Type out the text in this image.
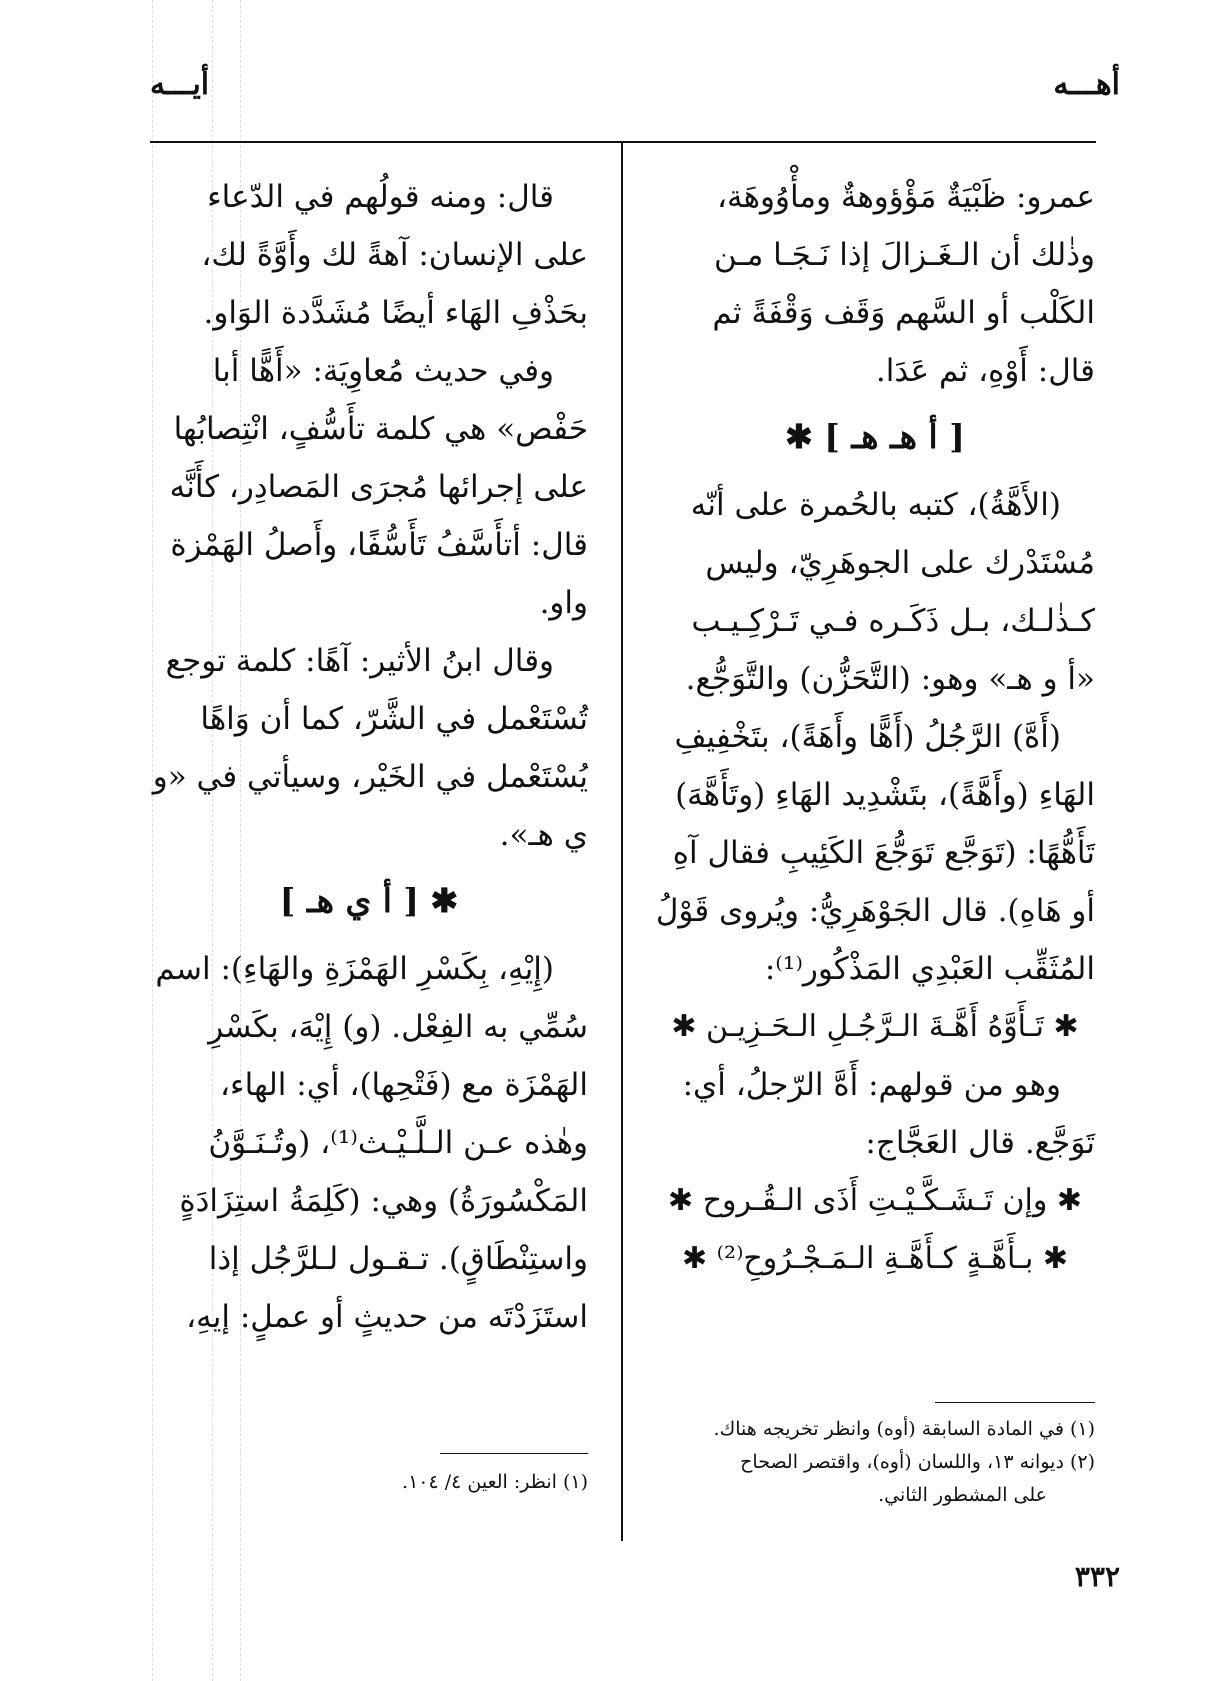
أهـــه
أيـــه

عمرو: ظَبْيَةٌ مَؤْؤوهةٌ ومأْوُوهَة، وذٰلك أن الـغَـزالَ إذا نَـجَـا مـن الكَلْب أو السَّهم وَقَف وَقْفَةً ثم قال: أَوْهِ، ثم عَدَا.

[ أ هـ هـ ] ✱

(الأَهَّةُ)، كتبه بالحُمرة على أنّه مُسْتَدْرك على الجوهَرِيّ، وليس كـذٰلـك، بـل ذَكَـره فـي تَـرْكِـيـب «أ و هـ» وهو: (التَّحَزُّن) والتَّوَجُّع.

(أَهَّ) الرَّجُلُ (أَهًّا وأَهَةً)، بتَخْفِيفِ الهَاءِ (وأَهَّةً)، بتَشْدِيد الهَاءِ (وتَأَهَّهَ) تَأَهُّهًا: (تَوَجَّع تَوَجُّعَ الكَئِيبِ فقال آهِ أو هَاهِ). قال الجَوْهَرِيُّ: ويُروى قَوْلُ المُثَقِّب العَبْدِي المَذْكُور⁽¹⁾:

✱ تَـأَوَّهُ أَهَّـةَ الـرَّجُـلِ الـحَـزِيـن ✱

وهو من قولهم: أَهَّ الرّجلُ، أي: تَوَجَّع. قال العَجَّاج:

✱ وإن تَـشَـكَّـيْـتِ أَذَى الـقُـروح ✱

✱ بـأَهَّـةٍ كـأَهَّـةِ الـمَـجْـرُوحِ⁽²⁾ ✱

قال: ومنه قولُهم في الدّعاء على الإنسان: آهةً لك وأَوَّةً لك، بحَذْفِ الهَاء أيضًا مُشَدَّدة الوَاو.

وفي حديث مُعاوِيَة: «أَهًّا أبا حَفْص» هي كلمة تأَسُّفٍ، انْتِصابُها على إجرائها مُجرَى المَصادِر، كأَنَّه قال: أتأَسَّفُ تَأَسُّفًا، وأَصلُ الهَمْزة واو.

وقال ابنُ الأثير: آهًا: كلمة توجع تُسْتَعْمل في الشَّرّ، كما أن وَاهًا يُسْتَعْمل في الخَيْر، وسيأتي في «و ي هـ».

✱ [ أ ي هـ ]

(إِيْهِ، بِكَسْرِ الهَمْزَةِ والهَاءِ): اسم سُمِّي به الفِعْل. (و) إِيْهَ، بكَسْرِ الهَمْزَة مع (فَتْحِها)، أي: الهاء، وهٰذه عـن الـلَّـيْـث⁽¹⁾، (وتُـنَـوَّنُ المَكْسُورَةُ) وهي: (كَلِمَةُ استِزَادَةٍ واستِنْطَاقٍ). تـقـول لـلرَّجُل إذا استَزَدْتَه من حديثٍ أو عملٍ: إيهِ،

(١) في المادة السابقة (أوه) وانظر تخريجه هناك.

(٢) ديوانه ١٣، واللسان (أوه)، واقتصر الصحاح

على المشطور الثاني.

(١) انظر: العين ٤/ ١٠٤.

٣٣٢
